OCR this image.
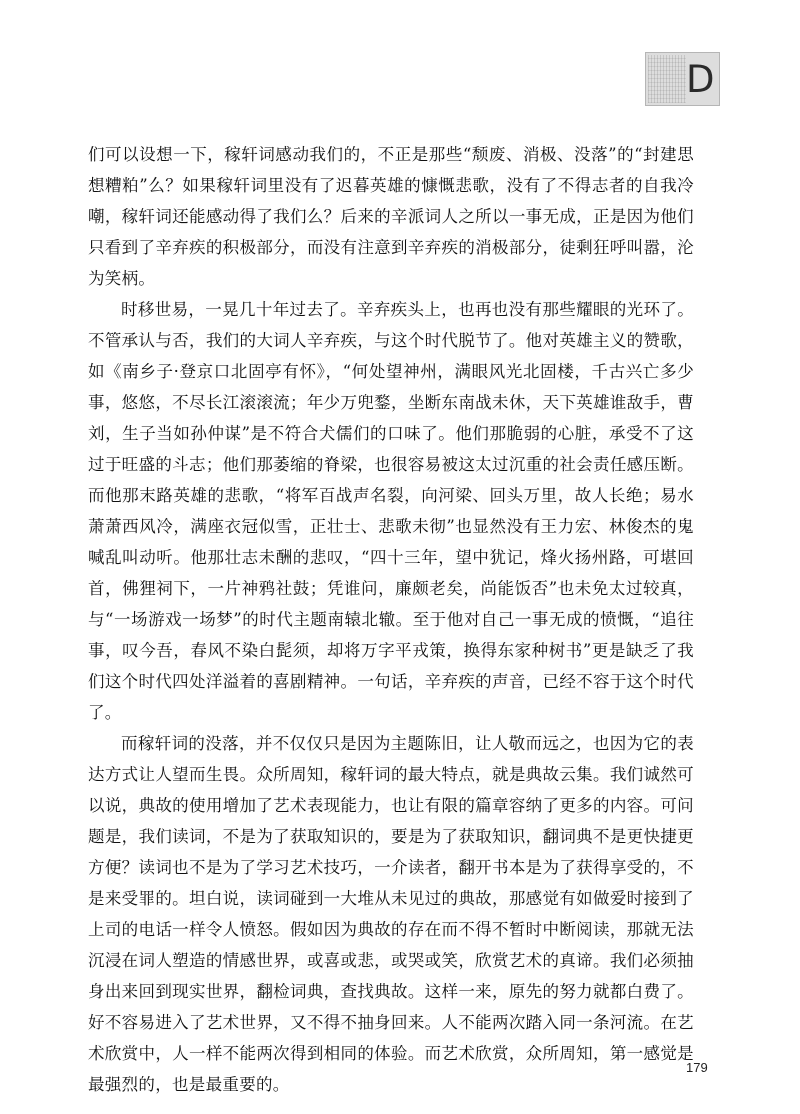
D

们可以设想一下，稼轩词感动我们的，不正是那些“颓废、消极、没落”的“封建思想糟粕”么？如果稼轩词里没有了迟暮英雄的慷慨悲歌，没有了不得志者的自我冷嘲，稼轩词还能感动得了我们么？后来的辛派词人之所以一事无成，正是因为他们只看到了辛弃疾的积极部分，而没有注意到辛弃疾的消极部分，徒剩狂呼叫嚣，沦为笑柄。

时移世易，一晃几十年过去了。辛弃疾头上，也再也没有那些耀眼的光环了。不管承认与否，我们的大词人辛弃疾，与这个时代脱节了。他对英雄主义的赞歌，如《南乡子·登京口北固亭有怀》，“何处望神州，满眼风光北固楼，千古兴亡多少事，悠悠，不尽长江滚滚流；年少万兜鍪，坐断东南战未休，天下英雄谁敌手，曹刘，生子当如孙仲谋”是不符合犬儒们的口味了。他们那脆弱的心脏，承受不了这过于旺盛的斗志；他们那萎缩的脊梁，也很容易被这太过沉重的社会责任感压断。而他那末路英雄的悲歌，“将军百战声名裂，向河梁、回头万里，故人长绝；易水萧萧西风冷，满座衣冠似雪，正壮士、悲歌未彻”也显然没有王力宏、林俊杰的鬼喊乱叫动听。他那壮志未酬的悲叹，“四十三年，望中犹记，烽火扬州路，可堪回首，佛狸祠下，一片神鸦社鼓；凭谁问，廉颇老矣，尚能饭否”也未免太过较真，与“一场游戏一场梦”的时代主题南辕北辙。至于他对自己一事无成的愤慨，“追往事，叹今吾，春风不染白髭须，却将万字平戎策，换得东家种树书”更是缺乏了我们这个时代四处洋溢着的喜剧精神。一句话，辛弃疾的声音，已经不容于这个时代了。

而稼轩词的没落，并不仅仅只是因为主题陈旧，让人敬而远之，也因为它的表达方式让人望而生畏。众所周知，稼轩词的最大特点，就是典故云集。我们诚然可以说，典故的使用增加了艺术表现能力，也让有限的篇章容纳了更多的内容。可问题是，我们读词，不是为了获取知识的，要是为了获取知识，翻词典不是更快捷更方便？读词也不是为了学习艺术技巧，一介读者，翻开书本是为了获得享受的，不是来受罪的。坦白说，读词碰到一大堆从未见过的典故，那感觉有如做爱时接到了上司的电话一样令人愤怒。假如因为典故的存在而不得不暂时中断阅读，那就无法沉浸在词人塑造的情感世界，或喜或悲，或哭或笑，欣赏艺术的真谛。我们必须抽身出来回到现实世界，翻检词典，查找典故。这样一来，原先的努力就都白费了。好不容易进入了艺术世界，又不得不抽身回来。人不能两次踏入同一条河流。在艺术欣赏中，人一样不能两次得到相同的体验。而艺术欣赏，众所周知，第一感觉是最强烈的，也是最重要的。

179
